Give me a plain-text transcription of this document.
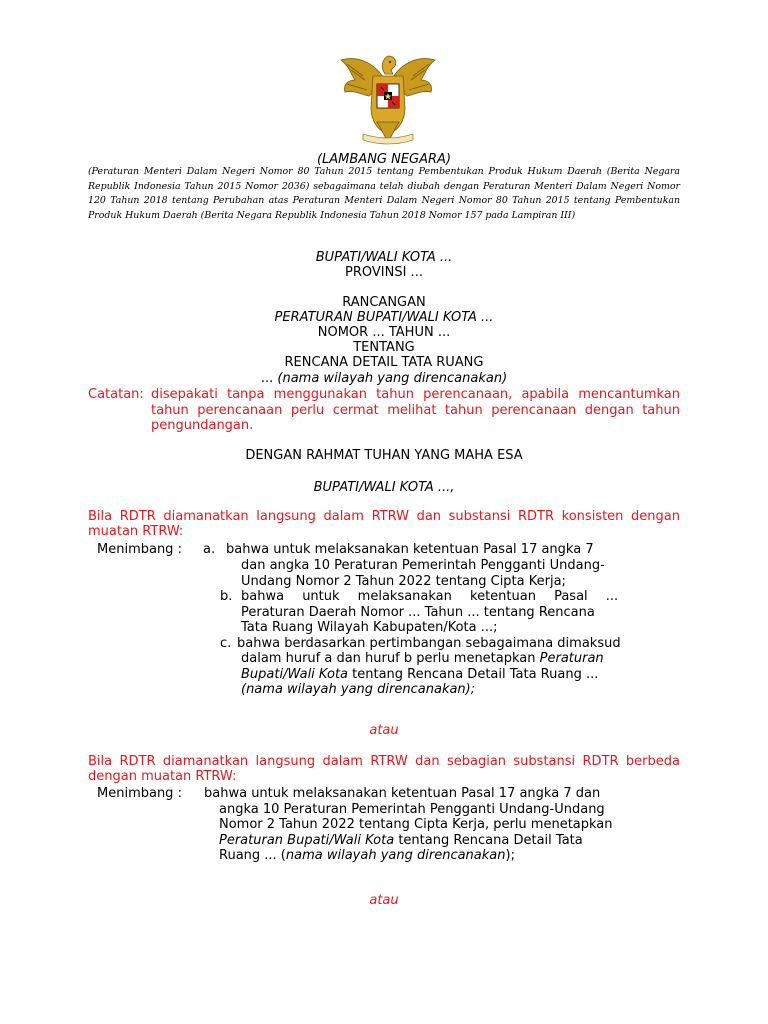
(LAMBANG NEGARA)
(Peraturan Menteri Dalam Negeri Nomor 80 Tahun 2015 tentang Pembentukan Produk Hukum Daerah (Berita Negara Republik Indonesia Tahun 2015 Nomor 2036) sebagaimana telah diubah dengan Peraturan Menteri Dalam Negeri Nomor 120 Tahun 2018 tentang Perubahan atas Peraturan Menteri Dalam Negeri Nomor 80 Tahun 2015 tentang Pembentukan Produk Hukum Daerah (Berita Negara Republik Indonesia Tahun 2018 Nomor 157 pada Lampiran III)
BUPATI/WALI KOTA ...
PROVINSI ...
RANCANGAN
PERATURAN BUPATI/WALI KOTA ...
NOMOR ... TAHUN ...
TENTANG
RENCANA DETAIL TATA RUANG
... (nama wilayah yang direncanakan)
Catatan: disepakati tanpa menggunakan tahun perencanaan, apabila mencantumkan tahun perencanaan perlu cermat melihat tahun perencanaan dengan tahun pengundangan.
DENGAN RAHMAT TUHAN YANG MAHA ESA
BUPATI/WALI KOTA ...,
Bila RDTR diamanatkan langsung dalam RTRW dan substansi RDTR konsisten dengan muatan RTRW:
Menimbang : a. bahwa untuk melaksanakan ketentuan Pasal 17 angka 7
dan angka 10 Peraturan Pemerintah Pengganti Undang-
Undang Nomor 2 Tahun 2022 tentang Cipta Kerja;
b. bahwa untuk melaksanakan ketentuan Pasal ...
Peraturan Daerah Nomor ... Tahun ... tentang Rencana
Tata Ruang Wilayah Kabupaten/Kota ...;
c. bahwa berdasarkan pertimbangan sebagaimana dimaksud
dalam huruf a dan huruf b perlu menetapkan Peraturan
Bupati/Wali Kota tentang Rencana Detail Tata Ruang ...
(nama wilayah yang direncanakan);
atau
Bila RDTR diamanatkan langsung dalam RTRW dan sebagian substansi RDTR berbeda dengan muatan RTRW:
Menimbang : bahwa untuk melaksanakan ketentuan Pasal 17 angka 7 dan
angka 10 Peraturan Pemerintah Pengganti Undang-Undang
Nomor 2 Tahun 2022 tentang Cipta Kerja, perlu menetapkan
Peraturan Bupati/Wali Kota tentang Rencana Detail Tata
Ruang ... (nama wilayah yang direncanakan);
atau
